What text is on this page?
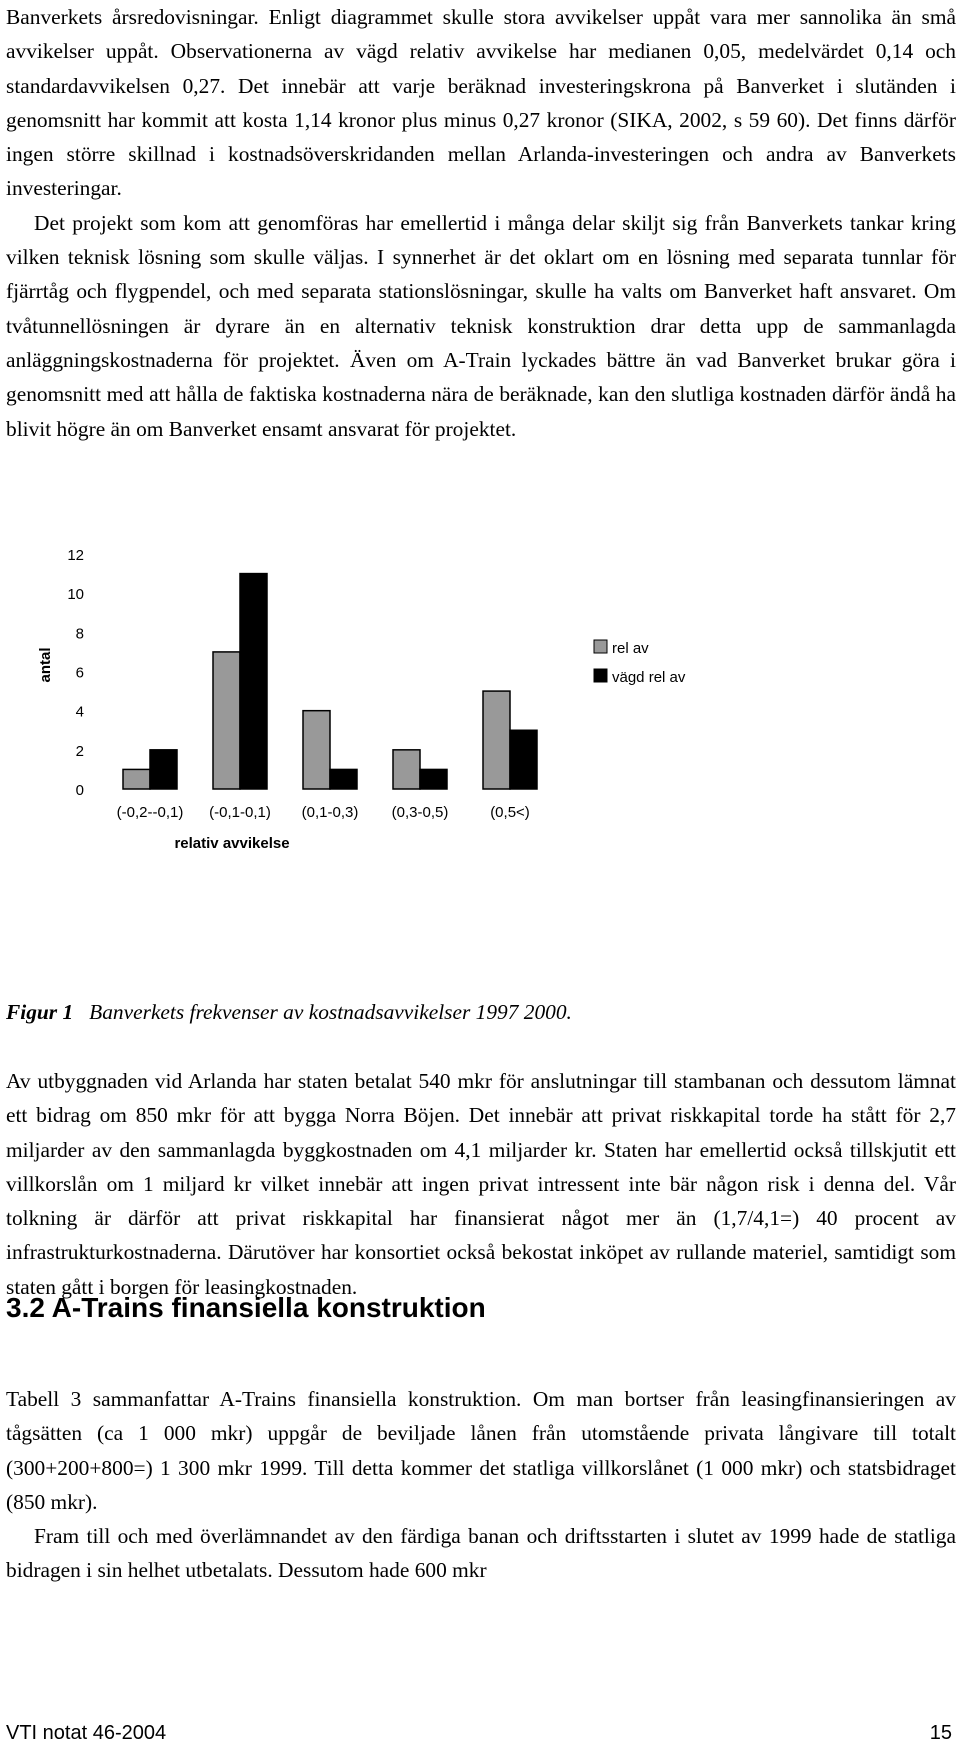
Banverkets årsredovisningar. Enligt diagrammet skulle stora avvikelser uppåt vara mer sannolika än små avvikelser uppåt. Observationerna av vägd relativ avvikelse har medianen 0,05, medelvärdet 0,14 och standardavvikelsen 0,27. Det innebär att varje beräknad investeringskrona på Banverket i slutänden i genomsnitt har kommit att kosta 1,14 kronor plus minus 0,27 kronor (SIKA, 2002, s 59 60). Det finns därför ingen större skillnad i kostnadsöverskridanden mellan Arlanda-investeringen och andra av Banverkets investeringar.

Det projekt som kom att genomföras har emellertid i många delar skiljt sig från Banverkets tankar kring vilken teknisk lösning som skulle väljas. I synnerhet är det oklart om en lösning med separata tunnlar för fjärrtåg och flygpendel, och med separata stationslösningar, skulle ha valts om Banverket haft ansvaret. Om tvåtunnellösningen är dyrare än en alternativ teknisk konstruktion drar detta upp de sammanlagda anläggningskostnaderna för projektet. Även om A-Train lyckades bättre än vad Banverket brukar göra i genomsnitt med att hålla de faktiska kostnaderna nära de beräknade, kan den slutliga kostnaden därför ändå ha blivit högre än om Banverket ensamt ansvarat för projektet.

0
2
4
6
8
10
12
(-0,2--0,1) (-0,1-0,1) (0,1-0,3) (0,3-0,5)	(0,5<)
relativ avvikelse
antal	rel av
vägd rel av
Figur 1 Banverkets frekvenser av kostnadsavvikelser 1997 2000.

Av utbyggnaden vid Arlanda har staten betalat 540 mkr för anslutningar till stambanan och dessutom lämnat ett bidrag om 850 mkr för att bygga Norra Böjen. Det innebär att privat riskkapital torde ha stått för 2,7 miljarder av den sammanlagda byggkostnaden om 4,1 miljarder kr. Staten har emellertid också tillskjutit ett villkorslån om 1 miljard kr vilket innebär att ingen privat intressent inte bär någon risk i denna del. Vår tolkning är därför att privat riskkapital har finansierat något mer än (1,7/4,1=) 40 procent av infrastrukturkostnaderna. Därutöver har konsortiet också bekostat inköpet av rullande materiel, samtidigt som staten gått i borgen för leasingkostnaden.

3.2 A-Trains finansiella konstruktion

Tabell 3 sammanfattar A-Trains finansiella konstruktion. Om man bortser från leasingfinansieringen av tågsätten (ca 1 000 mkr) uppgår de beviljade lånen från utomstående privata långivare till totalt (300+200+800=) 1 300 mkr 1999. Till detta kommer det statliga villkorslånet (1 000 mkr) och statsbidraget (850 mkr).

Fram till och med överlämnandet av den färdiga banan och driftsstarten i slutet av 1999 hade de statliga bidragen i sin helhet utbetalats. Dessutom hade 600 mkr

VTI notat 46-2004	15
